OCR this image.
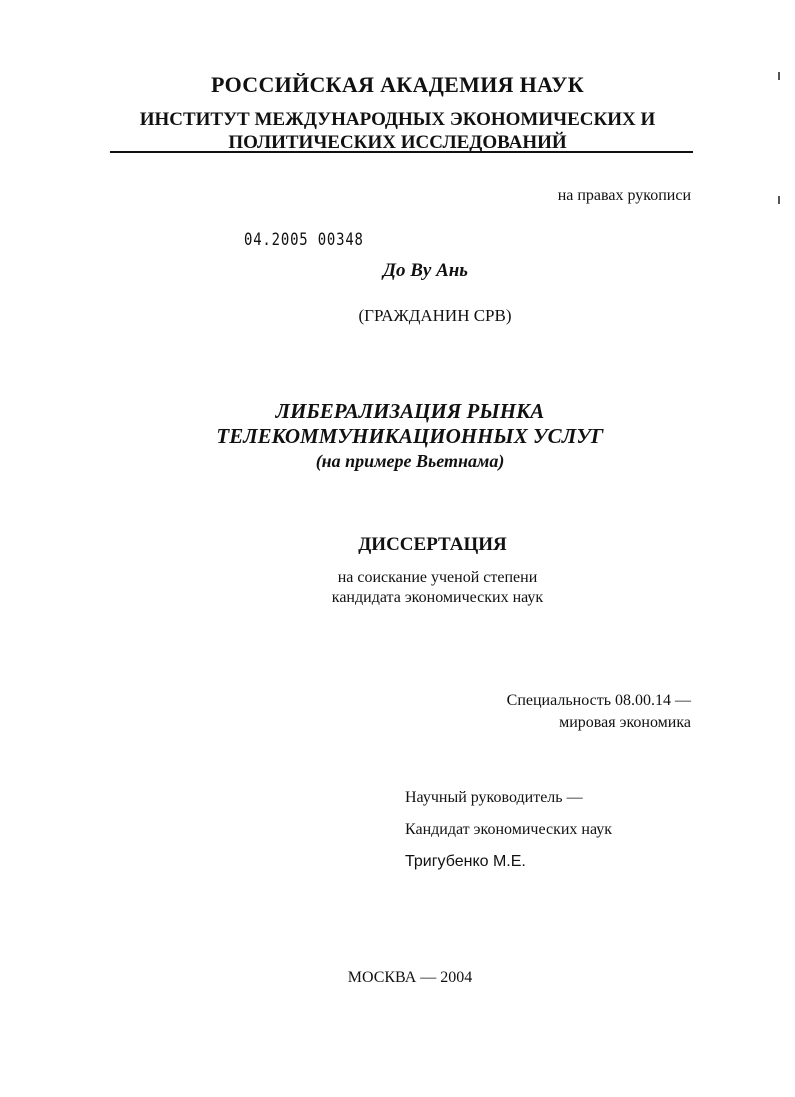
РОССИЙСКАЯ АКАДЕМИЯ НАУК
ИНСТИТУТ МЕЖДУНАРОДНЫХ ЭКОНОМИЧЕСКИХ И
ПОЛИТИЧЕСКИХ ИССЛЕДОВАНИЙ
на правах рукописи
04.2005 00348
До Ву Ань
(ГРАЖДАНИН СРВ)
ЛИБЕРАЛИЗАЦИЯ РЫНКА
ТЕЛЕКОММУНИКАЦИОННЫХ УСЛУГ
(на примере Вьетнама)
ДИССЕРТАЦИЯ
на соискание ученой степени
кандидата экономических наук
Специальность 08.00.14 —
мировая экономика
Научный руководитель —
Кандидат экономических наук
Тригубенко М.Е.
МОСКВА — 2004
